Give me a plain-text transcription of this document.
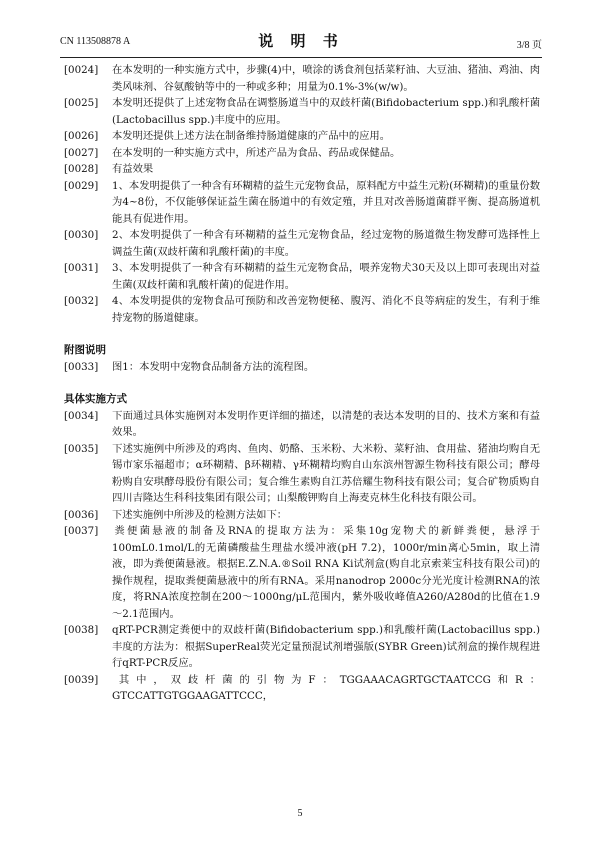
CN 113508878 A	说 明 书	3/8 页

[0024] 在本发明的一种实施方式中，步骤(4)中，喷涂的诱食剂包括菜籽油、大豆油、猪油、鸡油、肉类风味剂、谷氨酸钠等中的一种或多种；用量为0.1%-3%(w/w)。

[0025] 本发明还提供了上述宠物食品在调整肠道当中的双歧杆菌(Bifidobacterium spp.)和乳酸杆菌(Lactobacillus spp.)丰度中的应用。

[0026] 本发明还提供上述方法在制备维持肠道健康的产品中的应用。

[0027] 在本发明的一种实施方式中，所述产品为食品、药品或保健品。

[0028] 有益效果

[0029] 1、本发明提供了一种含有环糊精的益生元宠物食品，原料配方中益生元粉(环糊精)的重量份数为4~8份，不仅能够保证益生菌在肠道中的有效定殖，并且对改善肠道菌群平衡、提高肠道机能具有促进作用。

[0030] 2、本发明提供了一种含有环糊精的益生元宠物食品，经过宠物的肠道微生物发酵可选择性上调益生菌(双歧杆菌和乳酸杆菌)的丰度。

[0031] 3、本发明提供了一种含有环糊精的益生元宠物食品，喂养宠物犬30天及以上即可表现出对益生菌(双歧杆菌和乳酸杆菌)的促进作用。

[0032] 4、本发明提供的宠物食品可预防和改善宠物便秘、腹泻、消化不良等病症的发生，有利于维持宠物的肠道健康。

附图说明

[0033] 图1：本发明中宠物食品制备方法的流程图。

具体实施方式

[0034] 下面通过具体实施例对本发明作更详细的描述，以清楚的表达本发明的目的、技术方案和有益效果。

[0035] 下述实施例中所涉及的鸡肉、鱼肉、奶酪、玉米粉、大米粉、菜籽油、食用盐、猪油均购自无锡市家乐福超市；α环糊精、β环糊精、γ环糊精均购自山东滨州智源生物科技有限公司；酵母粉购自安琪酵母股份有限公司；复合维生素购自江苏倍耀生物科技有限公司；复合矿物质购自四川吉隆达生科科技集团有限公司；山梨酸钾购自上海麦克林生化科技有限公司。

[0036] 下述实施例中所涉及的检测方法如下：

[0037] 粪便菌悬液的制备及RNA的提取方法为：采集10g宠物犬的新鲜粪便，悬浮于100mL0.1mol/L的无菌磷酸盐生理盐水缓冲液(pH 7.2)，1000r/min离心5min，取上清液，即为粪便菌悬液。根据E.Z.N.A.®Soil RNA Ki试剂盒(购自北京索莱宝科技有限公司)的操作规程，提取粪便菌悬液中的所有RNA。采用nanodrop 2000c分光光度计检测RNA的浓度，将RNA浓度控制在200～1000ng/μL范围内，紫外吸收峰值A260/A280d的比值在1.9～2.1范围内。

[0038] qRT-PCR测定粪便中的双歧杆菌(Bifidobacterium spp.)和乳酸杆菌(Lactobacillus spp.)丰度的方法为：根据SuperReal荧光定量预混试剂增强版(SYBR Green)试剂盒的操作规程进行qRT-PCR反应。

[0039] 其中，双歧杆菌的引物为F：TGGAAACAGRTGCTAATCCG和R：GTCCATTGTGGAAGATTCCC，

5
